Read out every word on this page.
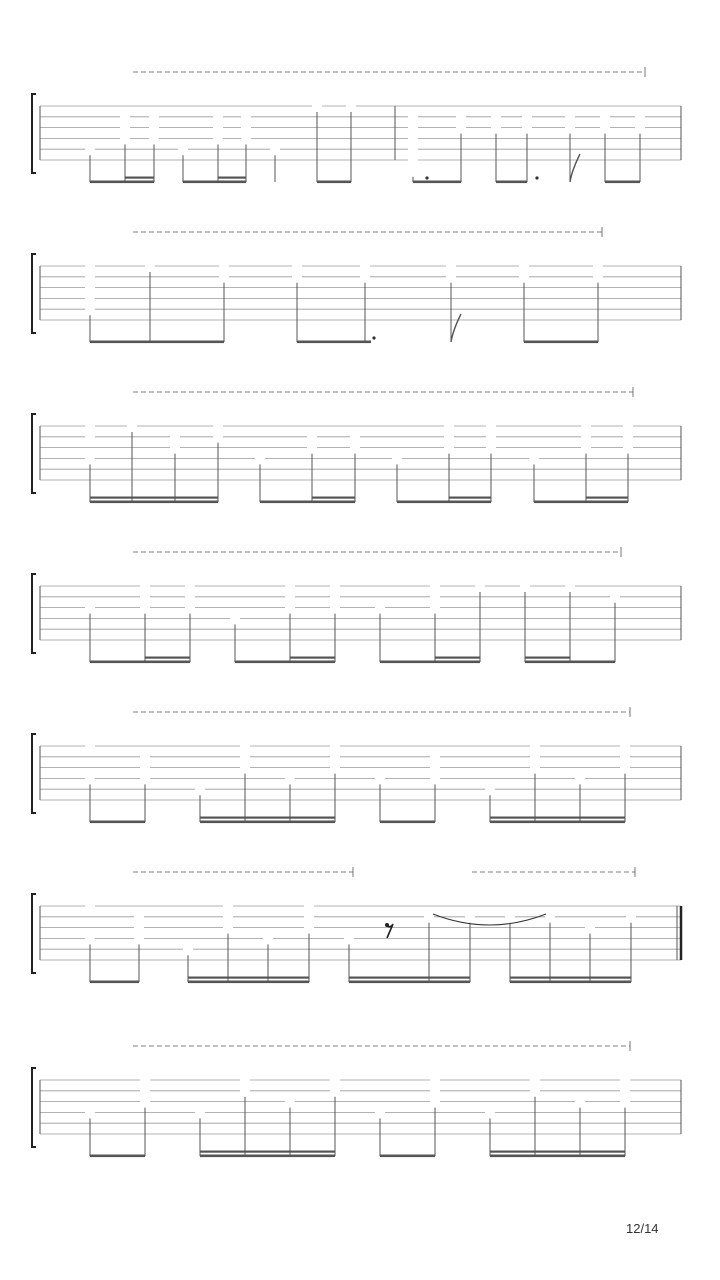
12/14
